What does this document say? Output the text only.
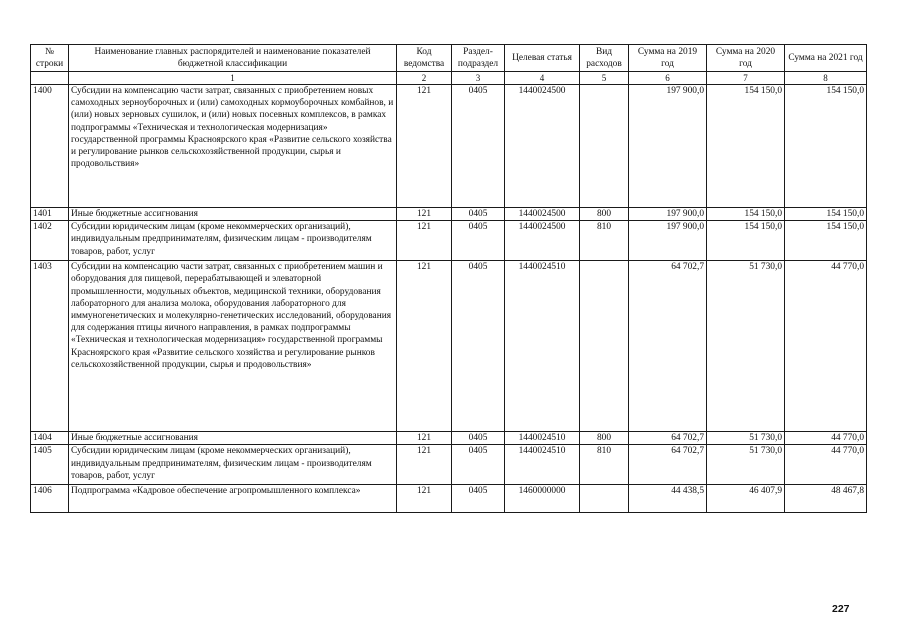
№ строки	Наименование главных распорядителей и наименование показателей бюджетной классификации	Код ведомства	Раздел-подраздел	Целевая статья	Вид расходов	Сумма на 2019 год	Сумма на 2020 год	Сумма на 2021 год
	1	2	3	4	5	6	7	8
1400	Субсидии на компенсацию части затрат, связанных с приобретением новых самоходных зерноуборочных и (или) самоходных кормоуборочных комбайнов, и (или) новых зерновых сушилок, и (или) новых посевных комплексов, в рамках подпрограммы «Техническая и технологическая модернизация» государственной программы Красноярского края «Развитие сельского хозяйства и регулирование рынков сельскохозяйственной продукции, сырья и продовольствия»	121	0405	1440024500		197 900,0	154 150,0	154 150,0
1401	Иные бюджетные ассигнования	121	0405	1440024500	800	197 900,0	154 150,0	154 150,0
1402	Субсидии юридическим лицам (кроме некоммерческих организаций), индивидуальным предпринимателям, физическим лицам - производителям товаров, работ, услуг	121	0405	1440024500	810	197 900,0	154 150,0	154 150,0
1403	Субсидии на компенсацию части затрат, связанных с приобретением машин и оборудования для пищевой, перерабатывающей и элеваторной промышленности, модульных объектов, медицинской техники, оборудования лабораторного для анализа молока, оборудования лабораторного для иммуногенетических и молекулярно-генетических исследований, оборудования для содержания птицы яичного направления, в рамках подпрограммы «Техническая и технологическая модернизация» государственной программы Красноярского края «Развитие сельского хозяйства и регулирование рынков сельскохозяйственной продукции, сырья и продовольствия»	121	0405	1440024510		64 702,7	51 730,0	44 770,0
1404	Иные бюджетные ассигнования	121	0405	1440024510	800	64 702,7	51 730,0	44 770,0
1405	Субсидии юридическим лицам (кроме некоммерческих организаций), индивидуальным предпринимателям, физическим лицам - производителям товаров, работ, услуг	121	0405	1440024510	810	64 702,7	51 730,0	44 770,0
1406	Подпрограмма «Кадровое обеспечение агропромышленного комплекса»	121	0405	1460000000		44 438,5	46 407,9	48 467,8
227
